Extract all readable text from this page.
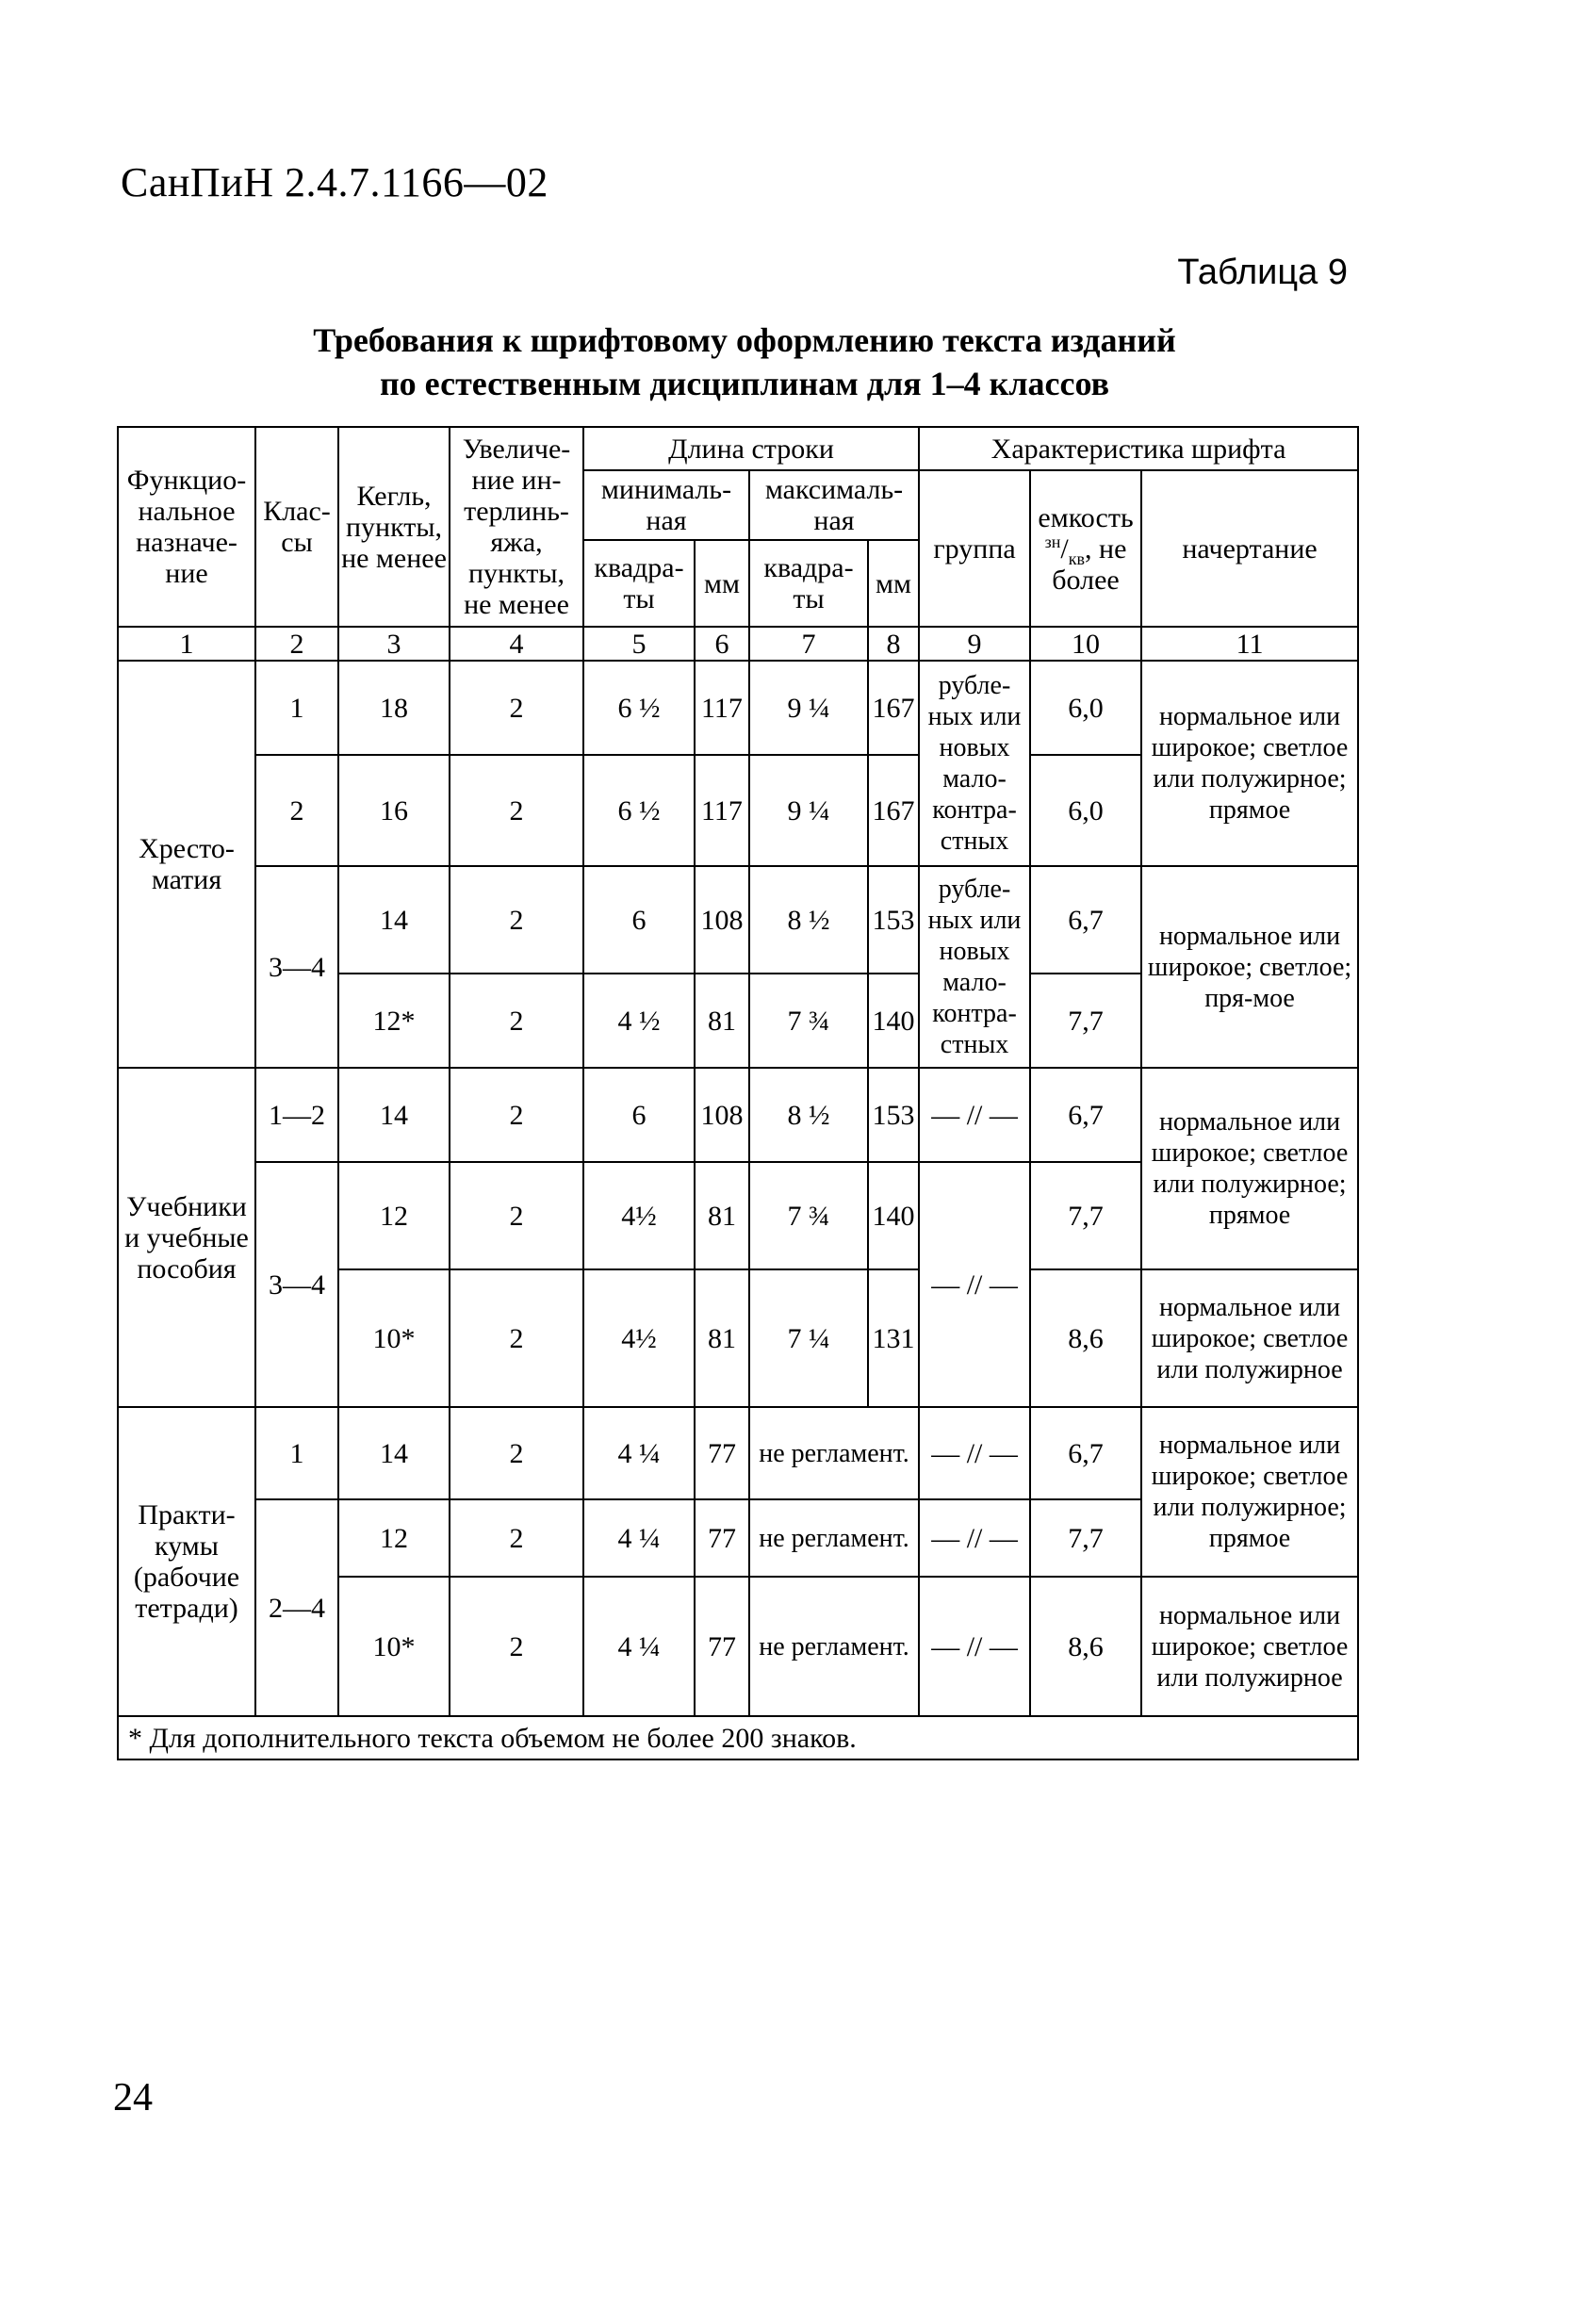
СанПиН 2.4.7.1166—02
Таблица 9
Требования к шрифтовому оформлению текста изданий
по естественным дисциплинам для 1–4 классов
Функцио-нальное назначе-ние	Клас-сы	Кегль, пункты, не менее	Увеличе-ние ин-терлинь-яжа, пункты, не менее	Длина строки				Характеристика шрифта		
				минималь-ная		максималь-ная		группа	емкость $^{зн}/_{кв}$, не более	начертание
				квадра-ты	мм	квадра-ты	мм			
1	2	3	4	5	6	7	8	9	10	11
Хресто-матия	1	18	2	6 ½	117	9 ¼	167	рубле-ных или новых мало-контра-стных	6,0	нормальное или широкое; светлое или полужирное; прямое
	2	16	2	6 ½	117	9 ¼	167		6,0	
	3—4	14	2	6	108	8 ½	153	рубле-ных или новых мало-контра-стных	6,7	нормальное или широкое; светлое; пря-мое
		12*	2	4 ½	81	7 ¾	140		7,7	
Учебники и учебные пособия	1—2	14	2	6	108	8 ½	153	— // —	6,7	нормальное или широкое; светлое или полужирное; прямое
	3—4	12	2	4½	81	7 ¾	140	— // —	7,7	
		10*	2	4½	81	7 ¼	131		8,6	нормальное или широкое; светлое или полужирное
Практи-кумы (рабочие тетради)	1	14	2	4 ¼	77	не регламент.		— // —	6,7	нормальное или широкое; светлое или полужирное; прямое
	2—4	12	2	4 ¼	77	не регламент.		— // —	7,7	
		10*	2	4 ¼	77	не регламент.		— // —	8,6	нормальное или широкое; светлое или полужирное
* Для дополнительного текста объемом не более 200 знаков.										
24
